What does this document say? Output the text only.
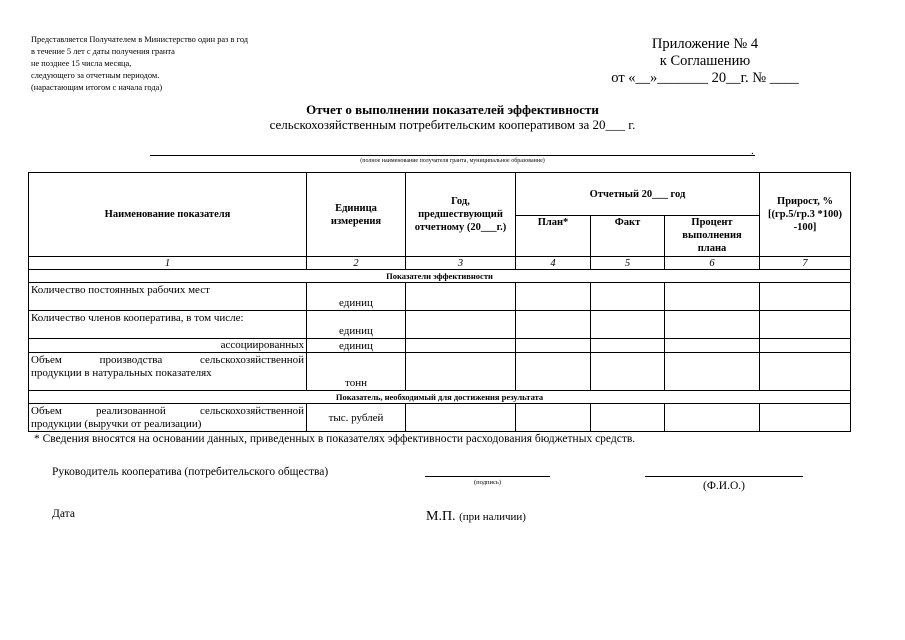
Представляется Получателем в Министерство один раз в год
в течение 5 лет с даты получения гранта
не позднее 15 числа месяца,
следующего за отчетным периодом.
(нарастающим итогом с начала года)
Приложение № 4
к Соглашению
от «__»_______ 20__г. № ____
Отчет о выполнении показателей эффективности
сельскохозяйственным потребительским кооперативом за 20___ г.
.
(полное наименование получателя гранта, муниципальное образование)
Наименование показателя	Единица измерения	Год, предшествующий отчетному (20___г.)	Отчетный 20___ год			Прирост, % [(гр.5/гр.3 *100) -100]
			План*	Факт	Процент выполнения плана	
1	2	3	4	5	6	7
Показатели эффективности						
Количество постоянных рабочих мест	единиц					
Количество членов кооператива, в том числе:	единиц					
ассоциированных	единиц					

Объем производства сельскохозяйственной
продукции в натуральных показателях	тонн					
Показатель, необходимый для достижения результата						

Объем реализованной сельскохозяйственной
продукции (выручки от реализации)	тыс. рублей					
* Сведения вносятся на основании данных, приведенных в показателях эффективности расходования бюджетных средств.
Руководитель кооператива (потребительского общества)
(подпись)	(Ф.И.О.)
Дата	М.П. (при наличии)
